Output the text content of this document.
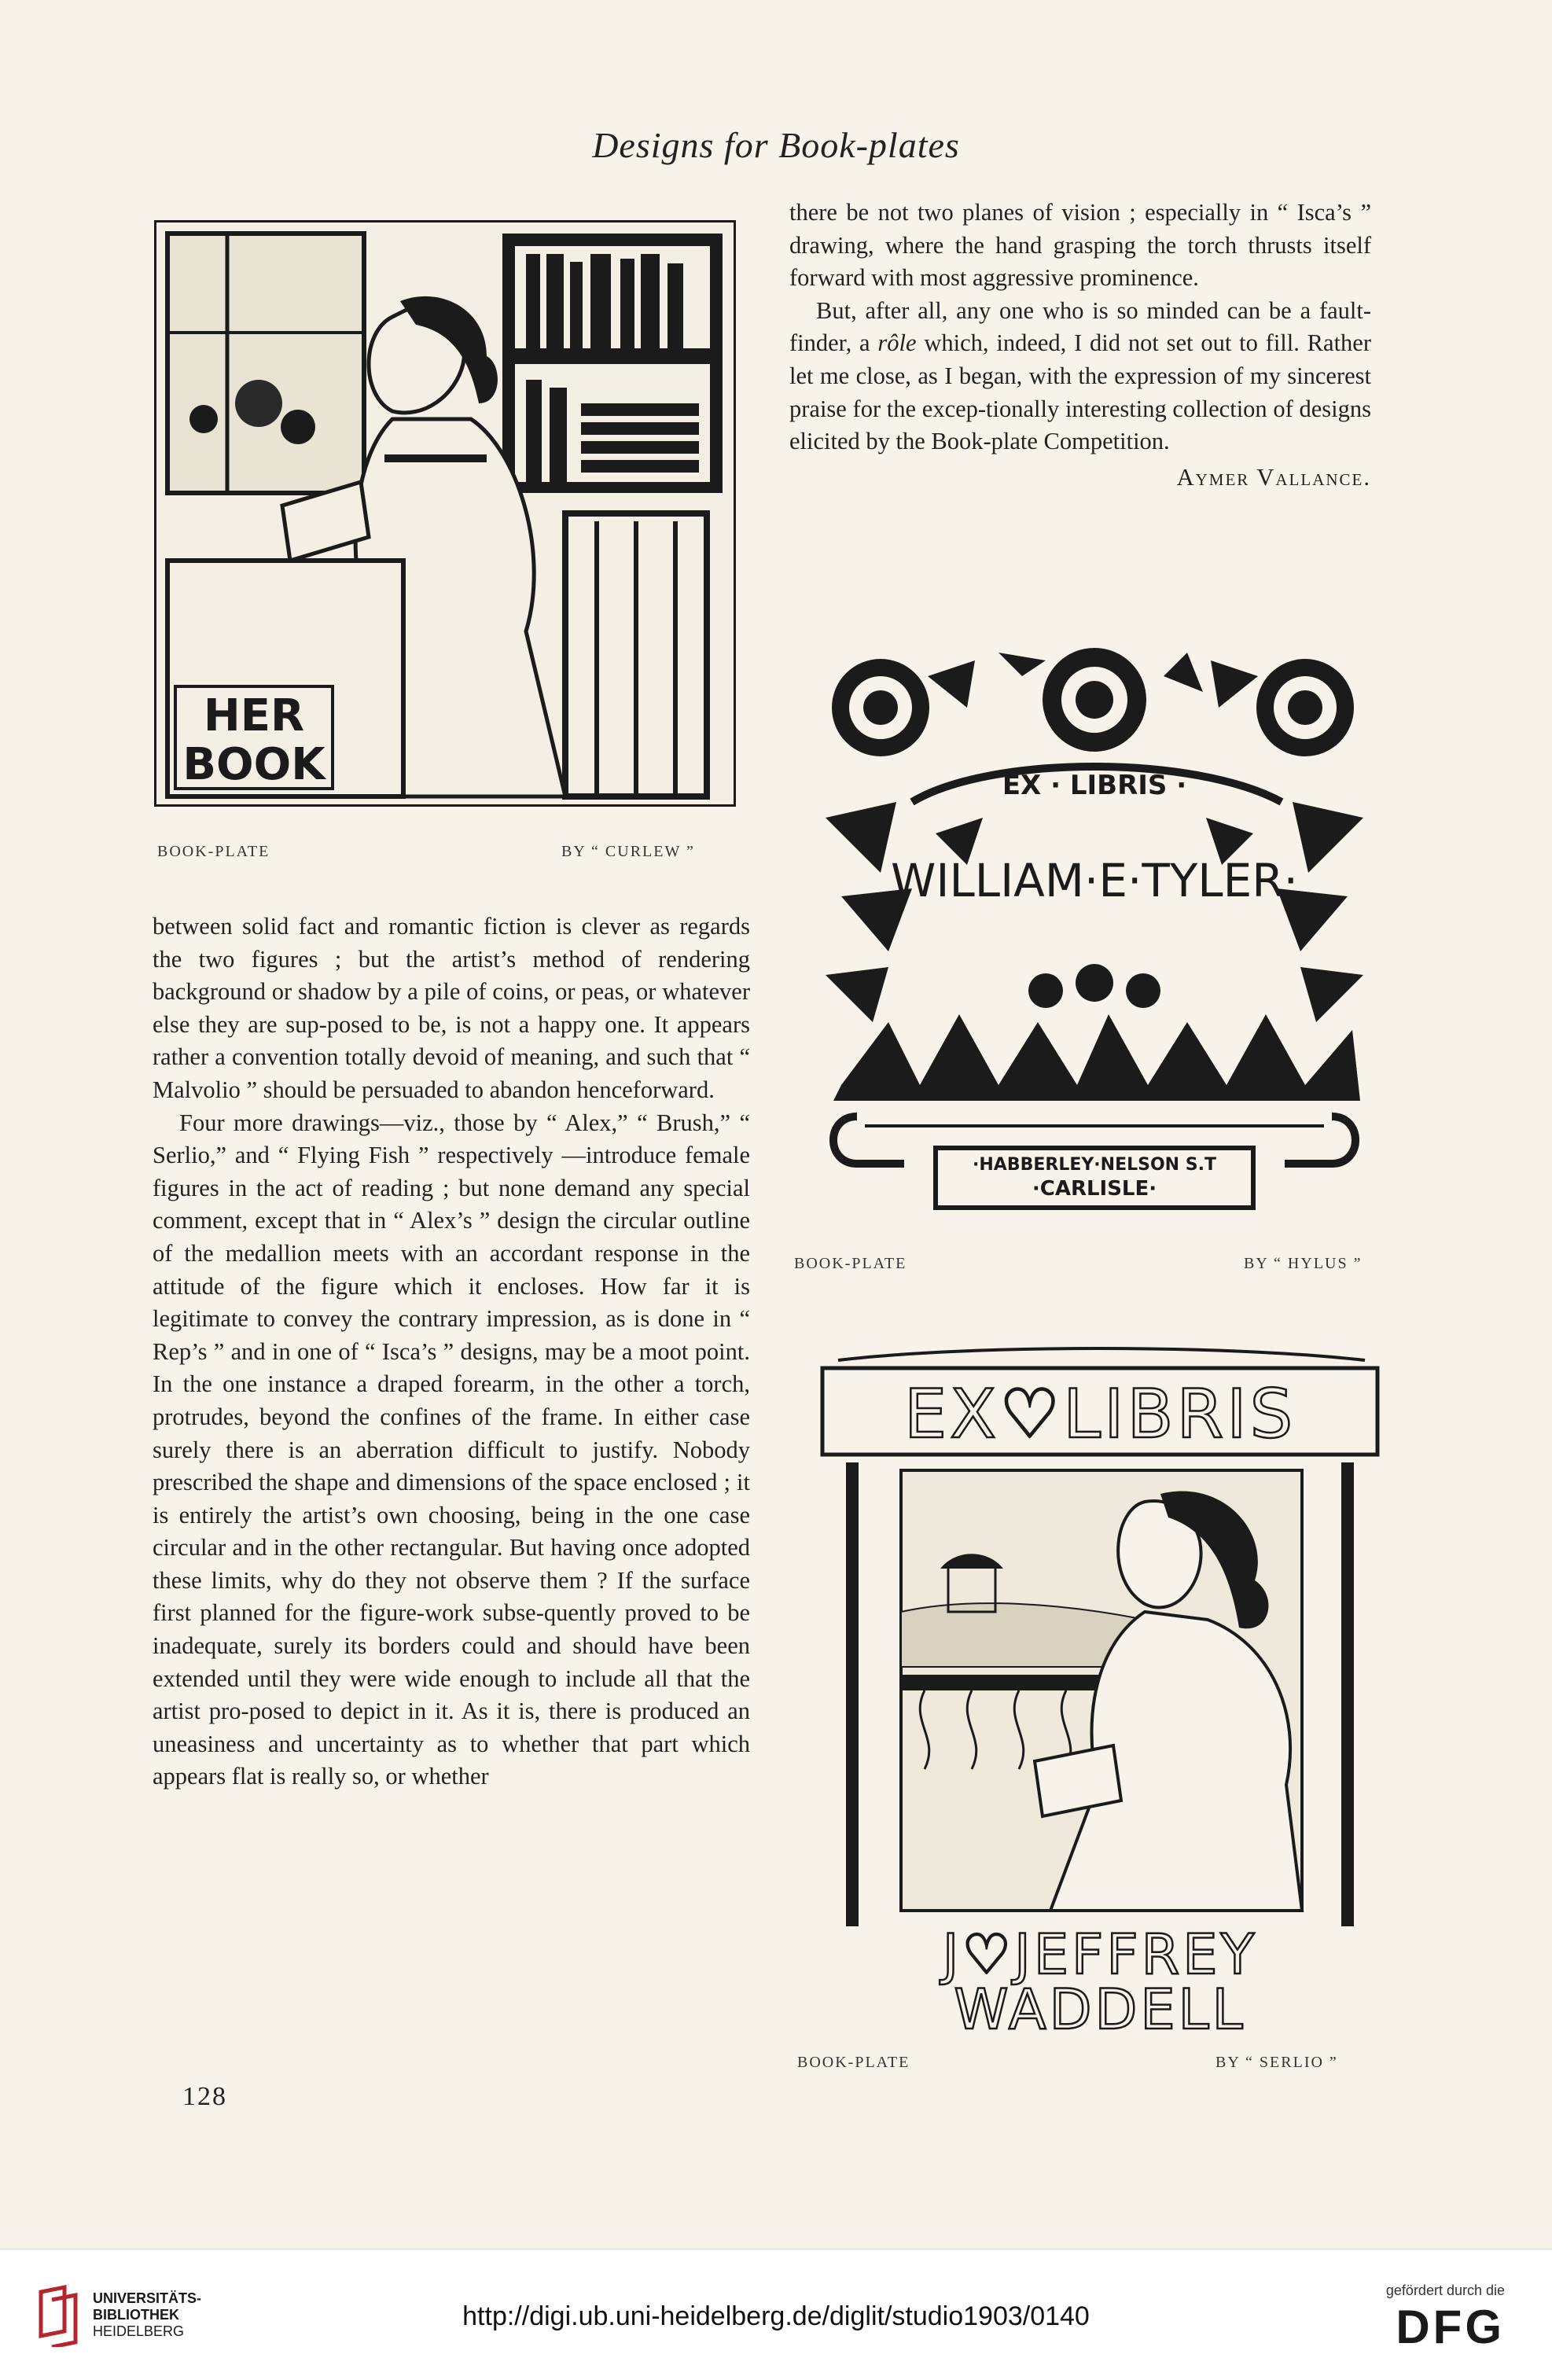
Designs for Book-plates
HER
BOOK
BOOK-PLATE	BY “ CURLEW ”

between solid fact and romantic fiction is clever as regards the two figures ; but the artist’s method of rendering background or shadow by a pile of coins, or peas, or whatever else they are sup-posed to be, is not a happy one. It appears rather a convention totally devoid of meaning, and such that “ Malvolio ” should be persuaded to abandon henceforward.

Four more drawings—viz., those by “ Alex,” “ Brush,” “ Serlio,” and “ Flying Fish ” respectively —introduce female figures in the act of reading ; but none demand any special comment, except that in “ Alex’s ” design the circular outline of the medallion meets with an accordant response in the attitude of the figure which it encloses. How far it is legitimate to convey the contrary impression, as is done in “ Rep’s ” and in one of “ Isca’s ” designs, may be a moot point. In the one instance a draped forearm, in the other a torch, protrudes, beyond the confines of the frame. In either case surely there is an aberration difficult to justify. Nobody prescribed the shape and dimensions of the space enclosed ; it is entirely the artist’s own choosing, being in the one case circular and in the other rectangular. But having once adopted these limits, why do they not observe them ? If the surface first planned for the figure-work subse-quently proved to be inadequate, surely its borders could and should have been extended until they were wide enough to include all that the artist pro-posed to depict in it. As it is, there is produced an uneasiness and uncertainty as to whether that part which appears flat is really so, or whether

there be not two planes of vision ; especially in “ Isca’s ” drawing, where the hand grasping the torch thrusts itself forward with most aggressive prominence.

But, after all, any one who is so minded can be a fault-finder, a rôle which, indeed, I did not set out to fill. Rather let me close, as I began, with the expression of my sincerest praise for the excep-tionally interesting collection of designs elicited by the Book-plate Competition.

Aymer Vallance.

EX · LIBRIS ·
WILLIAM·E·TYLER·
·HABBERLEY·NELSON S.T
·CARLISLE·
BOOK-PLATE	BY “ HYLUS ”
EX♡LIBRIS
J♡JEFFREY
WADDELL
BOOK-PLATE	BY “ SERLIO ”
128
UNIVERSITÄTS-
BIBLIOTHEK
HEIDELBERG	http://digi.ub.uni-heidelberg.de/diglit/studio1903/0140
gefördert durch die
DFG
